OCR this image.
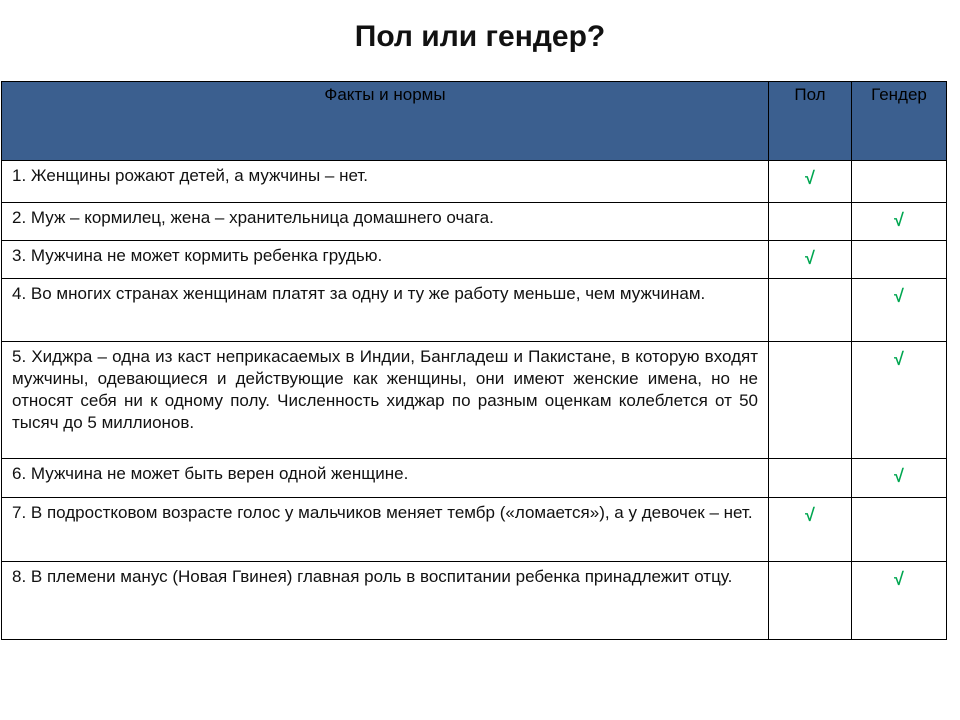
Пол или гендер?
Факты и нормы	Пол	Гендер
1. Женщины рожают детей, а мужчины – нет.	√	
2. Муж – кормилец, жена – хранительница домашнего очага.		√
3. Мужчина не может кормить ребенка грудью.	√	
4. Во многих странах женщинам платят за одну и ту же работу меньше, чем мужчинам.		√
5. Хиджра – одна из каст неприкасаемых в Индии, Бангладеш и Пакистане, в которую входят мужчины, одевающиеся и действующие как женщины, они имеют женские имена, но не относят себя ни к одному полу. Численность хиджар по разным оценкам колеблется от 50 тысяч до 5 миллионов.		√
6. Мужчина не может быть верен одной женщине.		√
7. В подростковом возрасте голос у мальчиков меняет тембр («ломается»), а у девочек – нет.	√	
8. В племени манус (Новая Гвинея) главная роль в воспитании ребенка принадлежит отцу.		√
